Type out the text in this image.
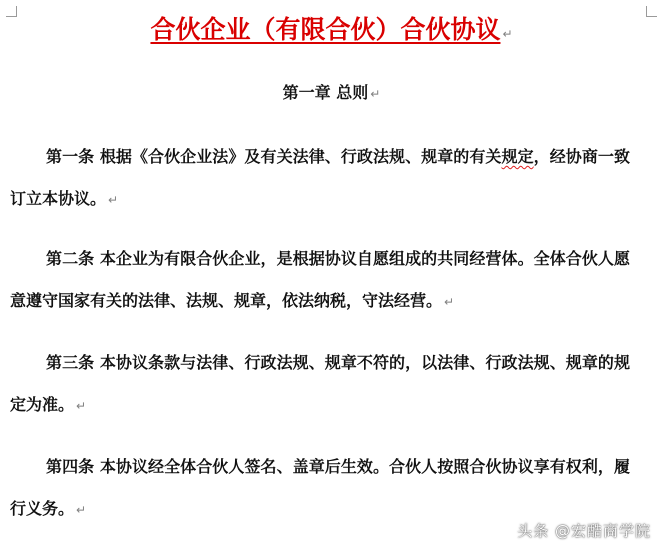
合伙企业（有限合伙）合伙协议 ↵
第一章 总则 ↵

第一条 根据《合伙企业法》及有关法律、行政法规、规章的有关规定，经协商一致订立本协议。 ↵

第二条 本企业为有限合伙企业，是根据协议自愿组成的共同经营体。全体合伙人愿意遵守国家有关的法律、法规、规章，依法纳税，守法经营。 ↵

第三条 本协议条款与法律、行政法规、规章不符的，以法律、行政法规、规章的规定为准。 ↵

第四条 本协议经全体合伙人签名、盖章后生效。合伙人按照合伙协议享有权利，履行义务。 ↵

头条 @宏酷商学院
